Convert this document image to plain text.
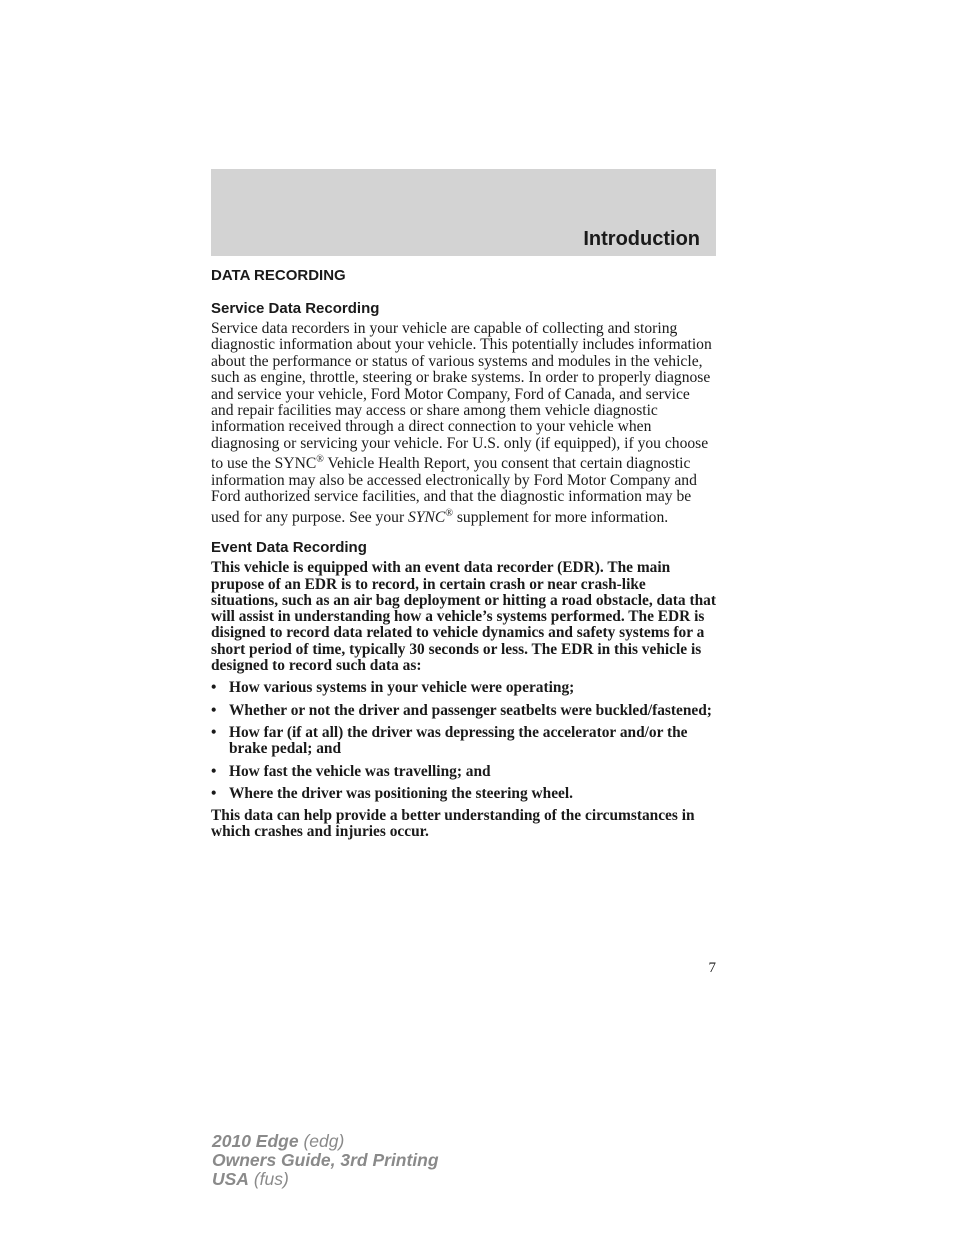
Introduction
DATA RECORDING
Service Data Recording

Service data recorders in your vehicle are capable of collecting and storing diagnostic information about your vehicle. This potentially includes information about the performance or status of various systems and modules in the vehicle, such as engine, throttle, steering or brake systems. In order to properly diagnose and service your vehicle, Ford Motor Company, Ford of Canada, and service and repair facilities may access or share among them vehicle diagnostic information received through a direct connection to your vehicle when diagnosing or servicing your vehicle. For U.S. only (if equipped), if you choose to use the SYNC® Vehicle Health Report, you consent that certain diagnostic information may also be accessed electronically by Ford Motor Company and Ford authorized service facilities, and that the diagnostic information may be used for any purpose. See your SYNC® supplement for more information.

Event Data Recording

This vehicle is equipped with an event data recorder (EDR). The main prupose of an EDR is to record, in certain crash or near crash-like situations, such as an air bag deployment or hitting a road obstacle, data that will assist in understanding how a vehicle’s systems performed. The EDR is disigned to record data related to vehicle dynamics and safety systems for a short period of time, typically 30 seconds or less. The EDR in this vehicle is designed to record such data as:

• How various systems in your vehicle were operating;
• Whether or not the driver and passenger seatbelts were buckled/fastened;
• How far (if at all) the driver was depressing the accelerator and/or the brake pedal; and
• How fast the vehicle was travelling; and
• Where the driver was positioning the steering wheel.

This data can help provide a better understanding of the circumstances in which crashes and injuries occur.

7
2010 Edge (edg)
Owners Guide, 3rd Printing
USA (fus)
